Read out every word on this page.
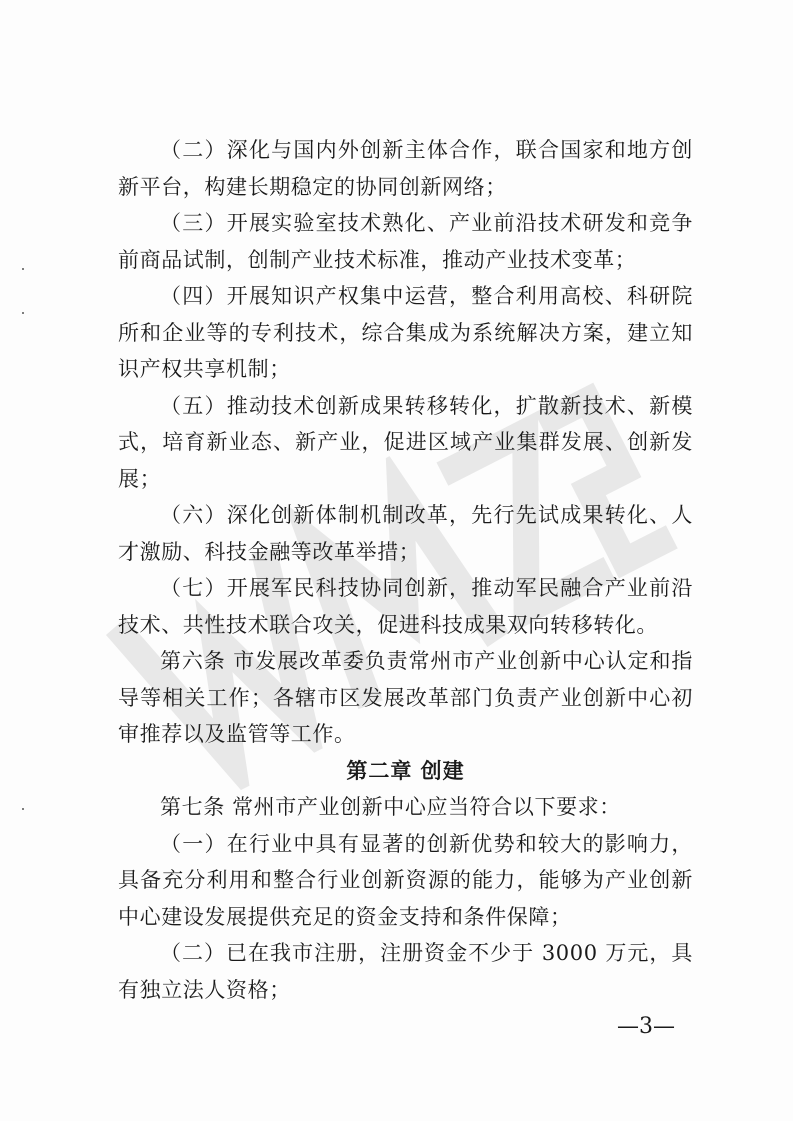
（二）深化与国内外创新主体合作，联合国家和地方创新平台，构建长期稳定的协同创新网络；

（三）开展实验室技术熟化、产业前沿技术研发和竞争前商品试制，创制产业技术标准，推动产业技术变革；

（四）开展知识产权集中运营，整合利用高校、科研院所和企业等的专利技术，综合集成为系统解决方案，建立知识产权共享机制；

（五）推动技术创新成果转移转化，扩散新技术、新模式，培育新业态、新产业，促进区域产业集群发展、创新发展；

（六）深化创新体制机制改革，先行先试成果转化、人才激励、科技金融等改革举措；

（七）开展军民科技协同创新，推动军民融合产业前沿技术、共性技术联合攻关，促进科技成果双向转移转化。

第六条 市发展改革委负责常州市产业创新中心认定和指导等相关工作；各辖市区发展改革部门负责产业创新中心初审推荐以及监管等工作。

第二章 创建

第七条 常州市产业创新中心应当符合以下要求：

（一）在行业中具有显著的创新优势和较大的影响力，具备充分利用和整合行业创新资源的能力，能够为产业创新中心建设发展提供充足的资金支持和条件保障；

（二）已在我市注册，注册资金不少于 3000 万元，具有独立法人资格；

—3—
